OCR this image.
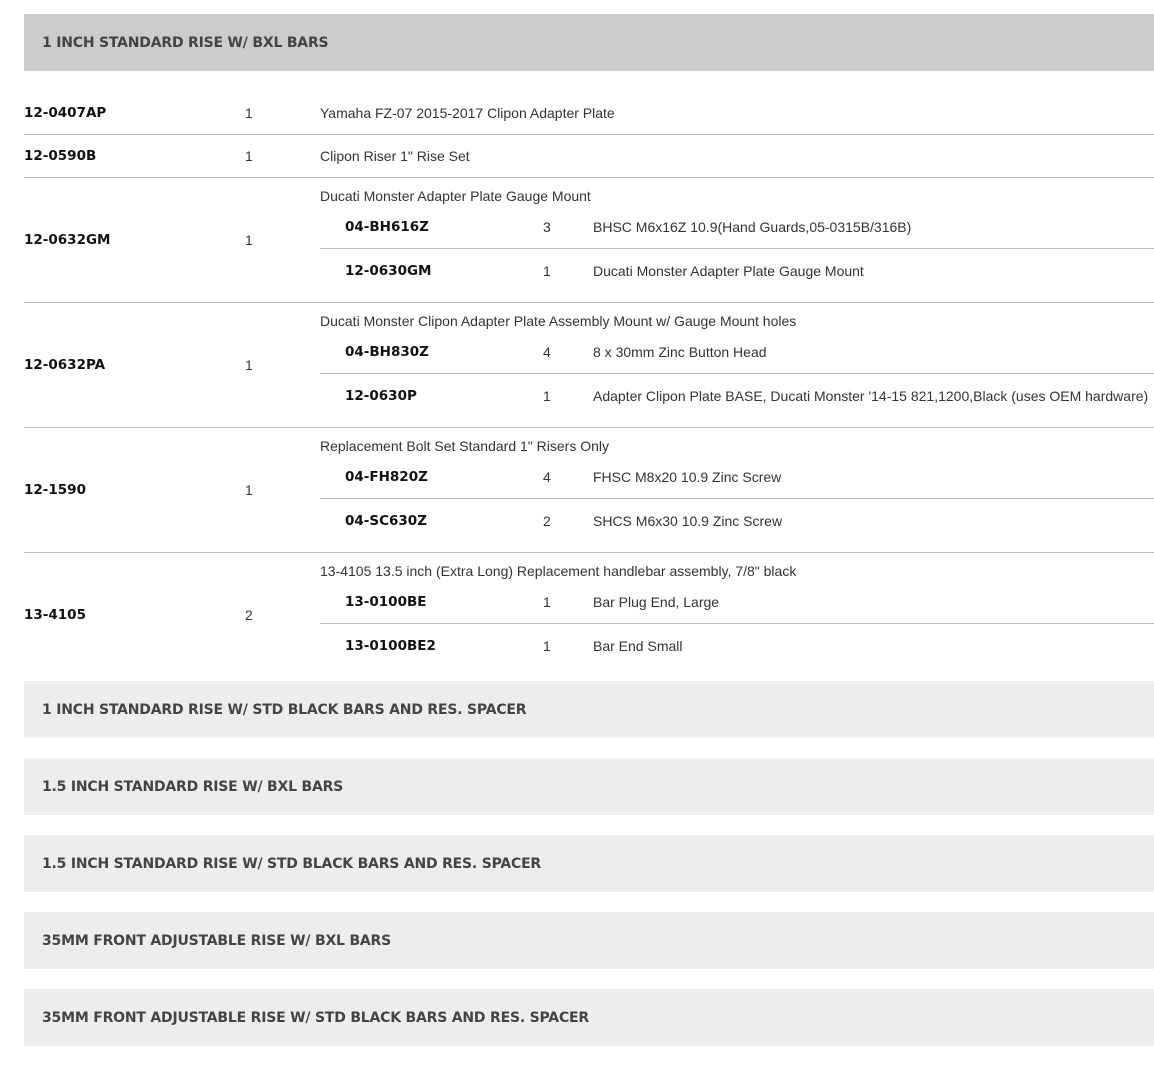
1 INCH STANDARD RISE W/ BXL BARS
12-0407AP	1	Yamaha FZ-07 2015-2017 Clipon Adapter Plate
12-0590B	1	Clipon Riser 1" Rise Set
12-0632GM	1
Ducati Monster Adapter Plate Gauge Mount
04-BH616Z	3	BHSC M6x16Z 10.9(Hand Guards,05-0315B/316B)
12-0630GM	1	Ducati Monster Adapter Plate Gauge Mount
12-0632PA	1
Ducati Monster Clipon Adapter Plate Assembly Mount w/ Gauge Mount holes
04-BH830Z	4	8 x 30mm Zinc Button Head
12-0630P	1	Adapter Clipon Plate BASE, Ducati Monster '14-15 821,1200,Black (uses OEM hardware)
12-1590	1
Replacement Bolt Set Standard 1" Risers Only
04-FH820Z	4	FHSC M8x20 10.9 Zinc Screw
04-SC630Z	2	SHCS M6x30 10.9 Zinc Screw
13-4105	2
13-4105 13.5 inch (Extra Long) Replacement handlebar assembly, 7/8" black
13-0100BE	1	Bar Plug End, Large
13-0100BE2	1	Bar End Small
1 INCH STANDARD RISE W/ STD BLACK BARS AND RES. SPACER
1.5 INCH STANDARD RISE W/ BXL BARS
1.5 INCH STANDARD RISE W/ STD BLACK BARS AND RES. SPACER
35MM FRONT ADJUSTABLE RISE W/ BXL BARS
35MM FRONT ADJUSTABLE RISE W/ STD BLACK BARS AND RES. SPACER
